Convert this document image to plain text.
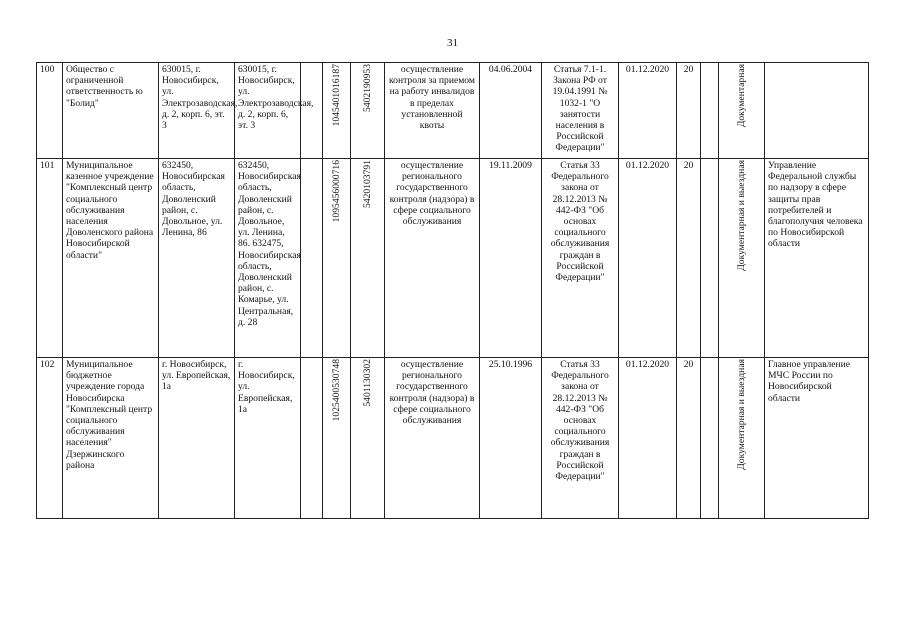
31
100	Общество с ограниченной ответственность ю "Болид"	630015, г. Новосибирск, ул. Электрозаводская, д. 2, корп. 6, эт. 3	630015, г. Новосибирск, ул. Электрозаводская, д. 2, корп. 6, эт. 3		1045401016187	5402190953	осуществление контроля за приемом на работу инвалидов в пределах установленной квоты	04.06.2004	Статья 7.1-1. Закона РФ от 19.04.1991 № 1032-1 "О занятости населения в Российской Федерации"	01.12.2020	20		Документарная	

101	Муниципальное казенное учреждение "Комплексный центр социального обслуживания населения Доволенского района Новосибирской области"	632450, Новосибирская область, Доволенский район, с. Довольное, ул. Ленина, 86	632450, Новосибирская область, Доволенский район, с. Довольное, ул. Ленина, 86. 632475, Новосибирская область, Доволенский район, с. Комарье, ул. Центральная, д. 28		1095456000716	5420103791	осуществление регионального государственного контроля (надзора) в сфере социального обслуживания	19.11.2009	Статья 33 Федерального закона от 28.12.2013 № 442-ФЗ "Об основах социального обслуживания граждан в Российской Федерации"	01.12.2020	20		Документарная и выездная	Управление Федеральной службы по надзору в сфере защиты прав потребителей и благополучия человека по Новосибирской области
102	Муниципальное бюджетное учреждение города Новосибирска "Комплексный центр социального обслуживания населения" Дзержинского района	г. Новосибирск, ул. Европейская, 1а	г. Новосибирск, ул. Европейская, 1а		1025400530748	5401130302	осуществление регионального государственного контроля (надзора) в сфере социального обслуживания	25.10.1996	Статья 33 Федерального закона от 28.12.2013 № 442-ФЗ "Об основах социального обслуживания граждан в Российской Федерации"	01.12.2020	20		Документарная и выездная	Главное управление МЧС России по Новосибирской области
